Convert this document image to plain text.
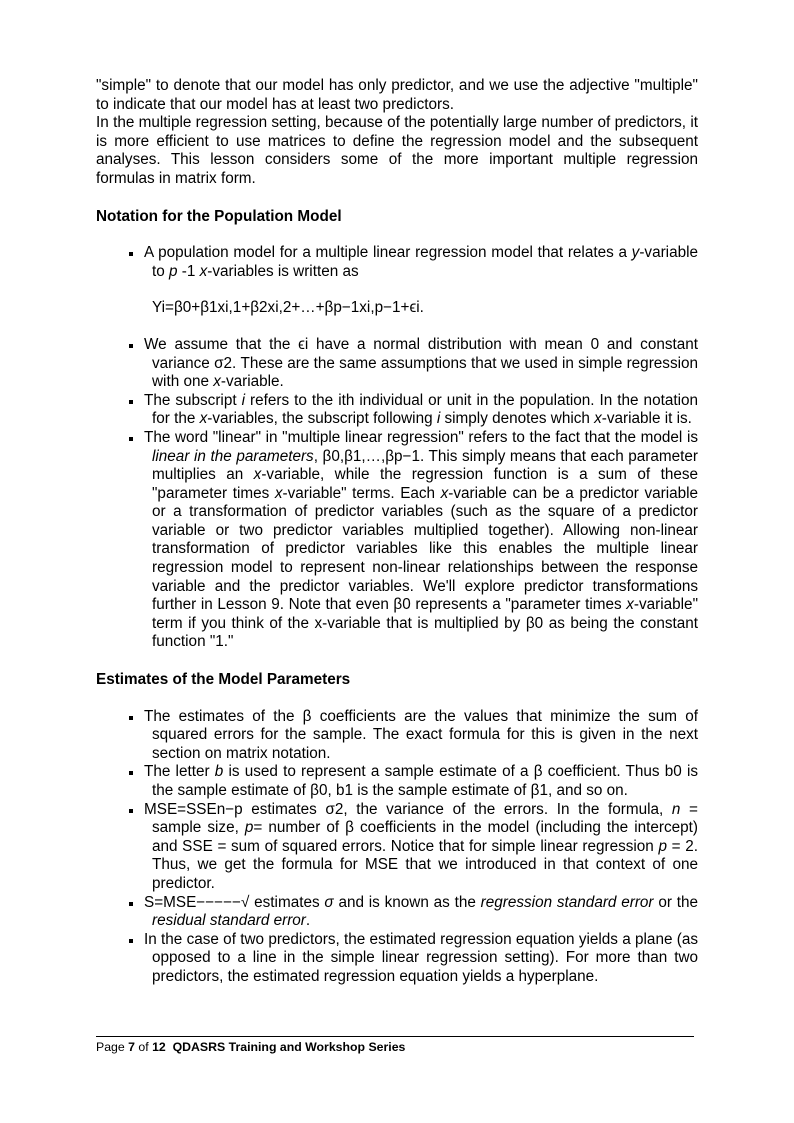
"simple" to denote that our model has only predictor, and we use the adjective "multiple" to indicate that our model has at least two predictors.

In the multiple regression setting, because of the potentially large number of predictors, it is more efficient to use matrices to define the regression model and the subsequent analyses. This lesson considers some of the more important multiple regression formulas in matrix form.

Notation for the Population Model
A population model for a multiple linear regression model that relates a y-variable to p -1 x-variables is written as
Yi=β0+β1xi,1+β2xi,2+…+βp−1xi,p−1+ϵi.
We assume that the ϵi have a normal distribution with mean 0 and constant variance σ2. These are the same assumptions that we used in simple regression with one x-variable.
The subscript i refers to the ith individual or unit in the population. In the notation for the x-variables, the subscript following i simply denotes which x-variable it is.
The word "linear" in "multiple linear regression" refers to the fact that the model is linear in the parameters, β0,β1,…,βp−1. This simply means that each parameter multiplies an x-variable, while the regression function is a sum of these "parameter times x-variable" terms. Each x-variable can be a predictor variable or a transformation of predictor variables (such as the square of a predictor variable or two predictor variables multiplied together). Allowing non-linear transformation of predictor variables like this enables the multiple linear regression model to represent non-linear relationships between the response variable and the predictor variables. We'll explore predictor transformations further in Lesson 9. Note that even β0 represents a "parameter times x-variable" term if you think of the x-variable that is multiplied by β0 as being the constant function "1."
Estimates of the Model Parameters
The estimates of the β coefficients are the values that minimize the sum of squared errors for the sample. The exact formula for this is given in the next section on matrix notation.
The letter b is used to represent a sample estimate of a β coefficient. Thus b0 is the sample estimate of β0, b1 is the sample estimate of β1, and so on.
MSE=SSEn−p estimates σ2, the variance of the errors. In the formula, n = sample size, p= number of β coefficients in the model (including the intercept) and SSE = sum of squared errors. Notice that for simple linear regression p = 2. Thus, we get the formula for MSE that we introduced in that context of one predictor.
S=MSE−−−−−√ estimates σ and is known as the regression standard error or the residual standard error.
In the case of two predictors, the estimated regression equation yields a plane (as opposed to a line in the simple linear regression setting). For more than two predictors, the estimated regression equation yields a hyperplane.
Page 7 of 12 QDASRS Training and Workshop Series
